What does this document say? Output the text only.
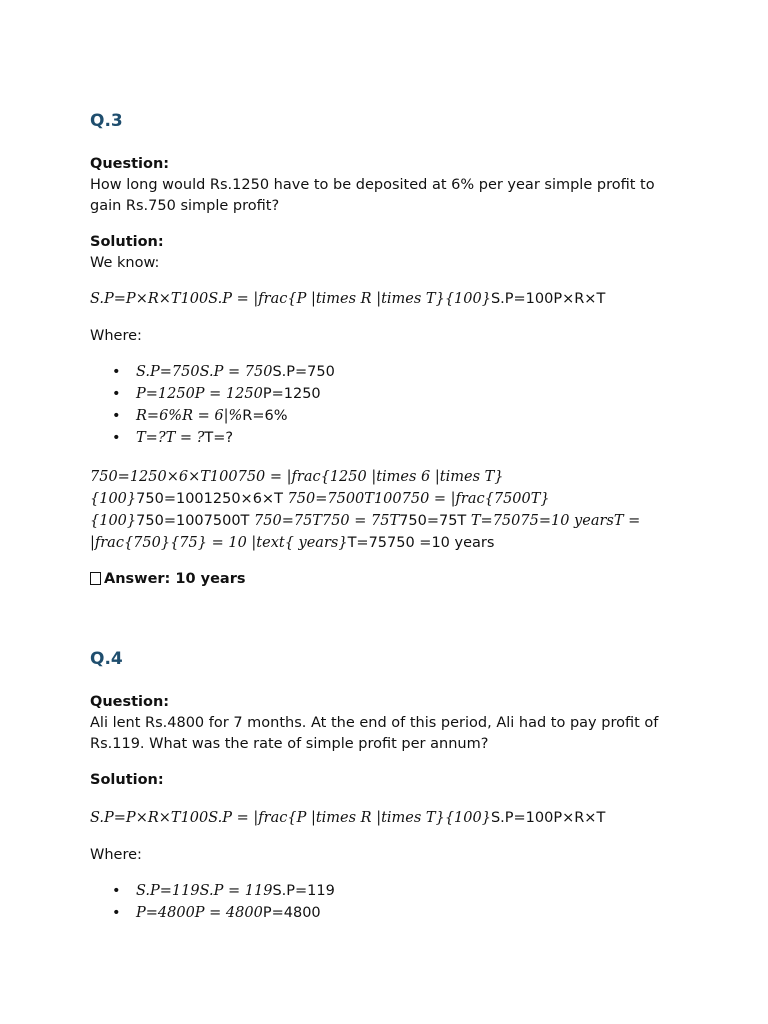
Q.3

Question:

How long would Rs.1250 have to be deposited at 6% per year simple profit to gain Rs.750 simple profit?

Solution:

We know:

S.P=P×R×T100S.P = |frac{P |times R |times T}{100}S.P=100P×R×T

Where:

• S.P=750S.P = 750S.P=750
• P=1250P = 1250P=1250
• R=6%R = 6|%R=6%
• T=?T = ?T=?

750=1250×6×T100750 = |frac{1250 |times 6 |times T}{100}750=1001250×6×T 750=7500T100750 = |frac{7500T}{100}750=1007500T 750=75T750 = 75T750=75T T=75075=10 yearsT = |frac{750}{75} = 10 |text{ years}T=75750 =10 years

Answer: 10 years

Q.4

Question:

Ali lent Rs.4800 for 7 months. At the end of this period, Ali had to pay profit of Rs.119. What was the rate of simple profit per annum?

Solution:

S.P=P×R×T100S.P = |frac{P |times R |times T}{100}S.P=100P×R×T

Where:

• S.P=119S.P = 119S.P=119
• P=4800P = 4800P=4800
